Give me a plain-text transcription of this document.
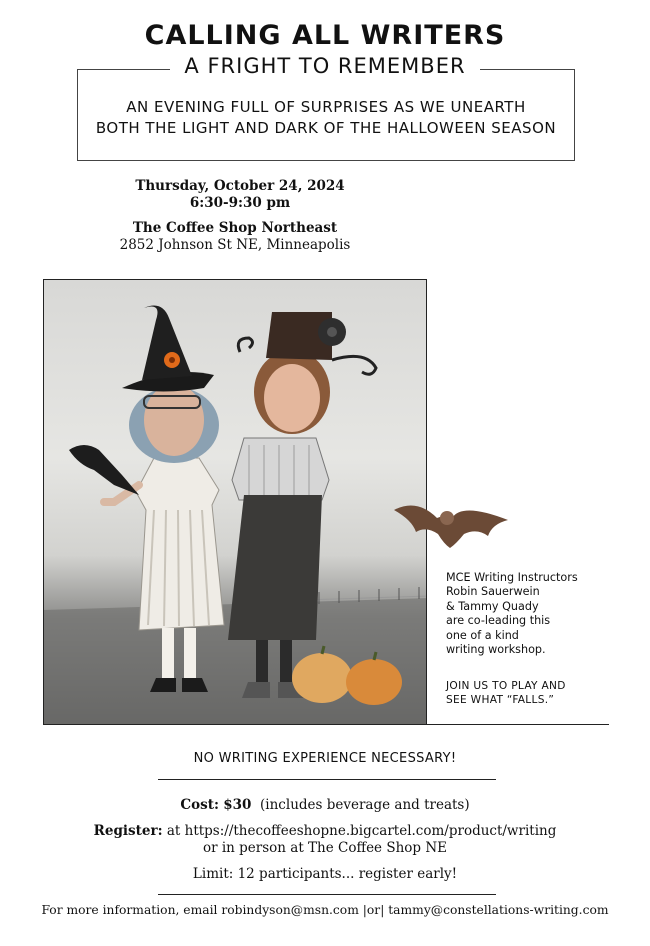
CALLING ALL WRITERS
A FRIGHT TO REMEMBER
AN EVENING FULL OF SURPRISES AS WE UNEARTH
BOTH THE LIGHT AND DARK OF THE HALLOWEEN SEASON
Thursday, October 24, 2024
6:30-9:30 pm
The Coffee Shop Northeast
2852 Johnson St NE, Minneapolis
MCE Writing Instructors
Robin Sauerwein
& Tammy Quady
are co-leading this
one of a kind
writing workshop.
JOIN US TO PLAY AND
SEE WHAT “FALLS.”
NO WRITING EXPERIENCE NECESSARY!
Cost: $30 (includes beverage and treats)
Register: at https://thecoffeeshopne.bigcartel.com/product/writing
or in person at The Coffee Shop NE
Limit: 12 participants... register early!
For more information, email robindyson@msn.com |or| tammy@constellations-writing.com
